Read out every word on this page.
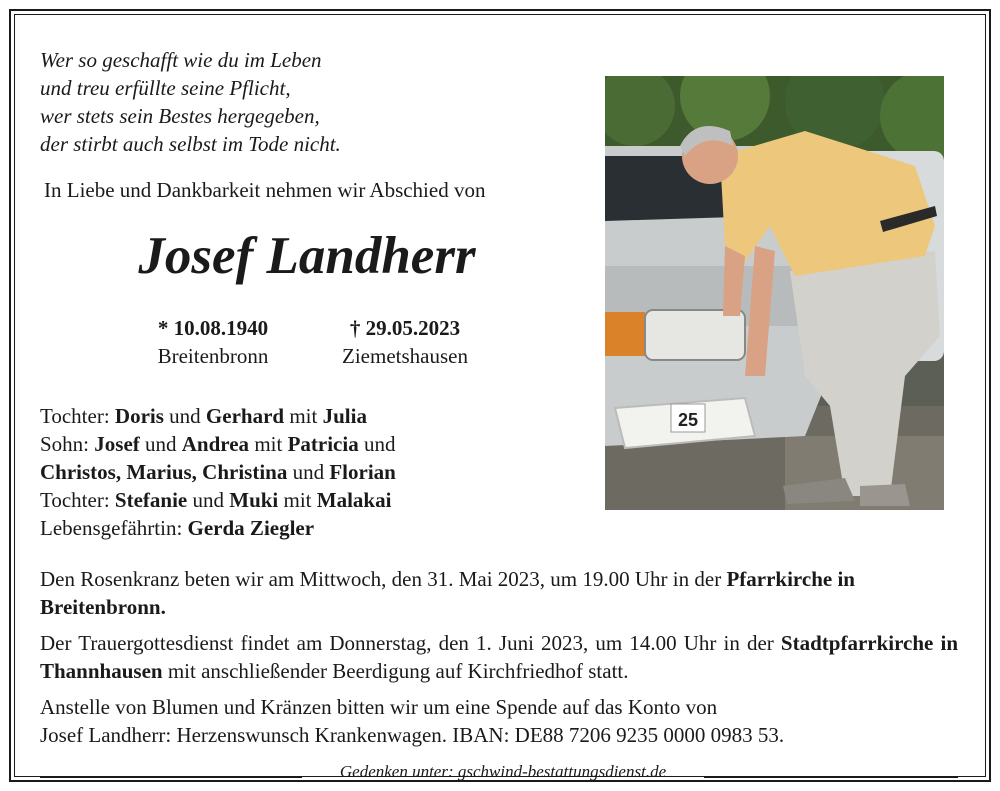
Wer so geschafft wie du im Leben
und treu erfüllte seine Pflicht,
wer stets sein Bestes hergegeben,
der stirbt auch selbst im Tode nicht.
In Liebe und Dankbarkeit nehmen wir Abschied von
Josef Landherr
* 10.08.1940
Breitenbronn
† 29.05.2023
Ziemetshausen
Tochter: Doris und Gerhard mit Julia
Sohn: Josef und Andrea mit Patricia und
Christos, Marius, Christina und Florian
Tochter: Stefanie und Muki mit Malakai
Lebensgefährtin: Gerda Ziegler
25
Den Rosenkranz beten wir am Mittwoch, den 31. Mai 2023, um 19.00 Uhr in der Pfarrkirche in Breitenbronn.
Der Trauergottesdienst findet am Donnerstag, den 1. Juni 2023, um 14.00 Uhr in der Stadtpfarrkirche in Thannhausen mit anschließender Beerdigung auf Kirchfriedhof statt.
Anstelle von Blumen und Kränzen bitten wir um eine Spende auf das Konto von
Josef Landherr: Herzenswunsch Krankenwagen. IBAN: DE88 7206 9235 0000 0983 53.
Gedenken unter: gschwind-bestattungsdienst.de
